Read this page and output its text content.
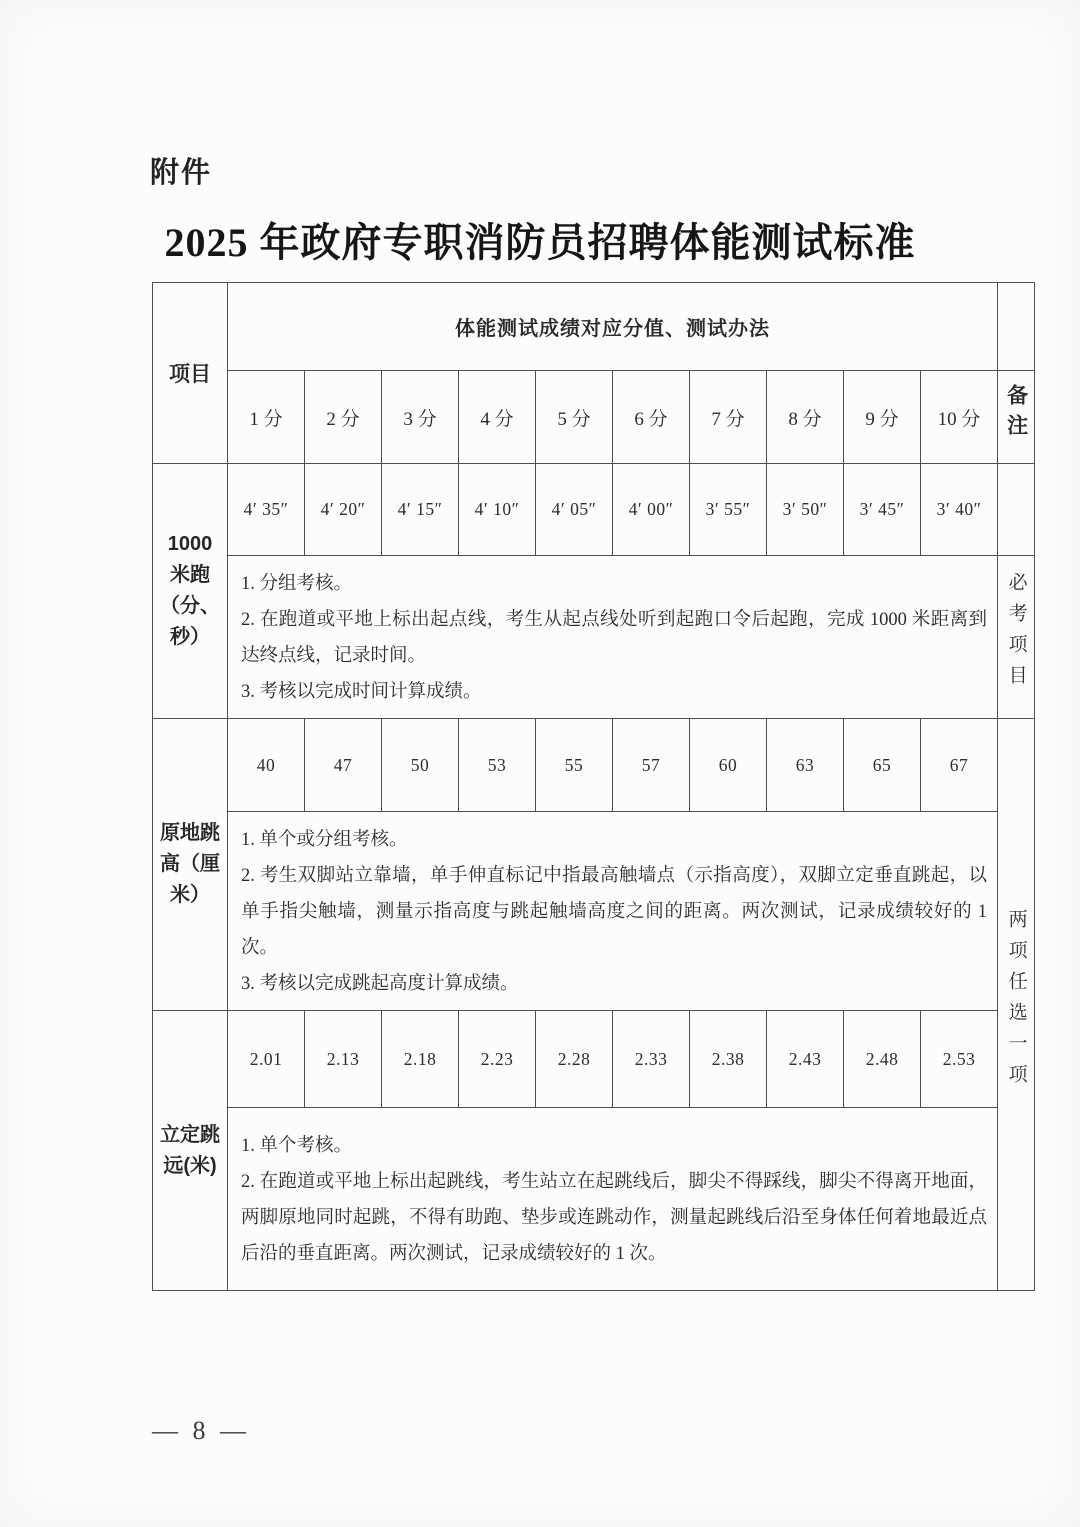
附件
2025 年政府专职消防员招聘体能测试标准
项目	体能测试成绩对应分值、测试办法										
	1 分	2 分	3 分	4 分	5 分	6 分	7 分	8 分	9 分	10 分	备注

1000
米跑
（分、
秒）	4′ 35″	4′ 20″	4′ 15″	4′ 10″	4′ 05″	4′ 00″	3′ 55″	3′ 50″	3′ 45″	3′ 40″	

	1. 分组考核。
2. 在跑道或平地上标出起点线，考生从起点线处听到起跑口令后起跑，完成 1000 米距离到达终点线，记录时间。
3. 考核以完成时间计算成绩。										必考项目

原地跳
高（厘
米）	40	47	50	53	55	57	60	63	65	67	两项任选一项

	1. 单个或分组考核。
2. 考生双脚站立靠墙，单手伸直标记中指最高触墙点（示指高度），双脚立定垂直跳起，以单手指尖触墙，测量示指高度与跳起触墙高度之间的距离。两次测试，记录成绩较好的 1 次。
3. 考核以完成跳起高度计算成绩。										

立定跳
远(米)	2.01	2.13	2.18	2.23	2.28	2.33	2.38	2.43	2.48	2.53	

	1. 单个考核。
2. 在跑道或平地上标出起跳线，考生站立在起跳线后，脚尖不得踩线，脚尖不得离开地面，两脚原地同时起跳，不得有助跑、垫步或连跳动作，测量起跳线后沿至身体任何着地最近点后沿的垂直距离。两次测试，记录成绩较好的 1 次。										
— 8 —
